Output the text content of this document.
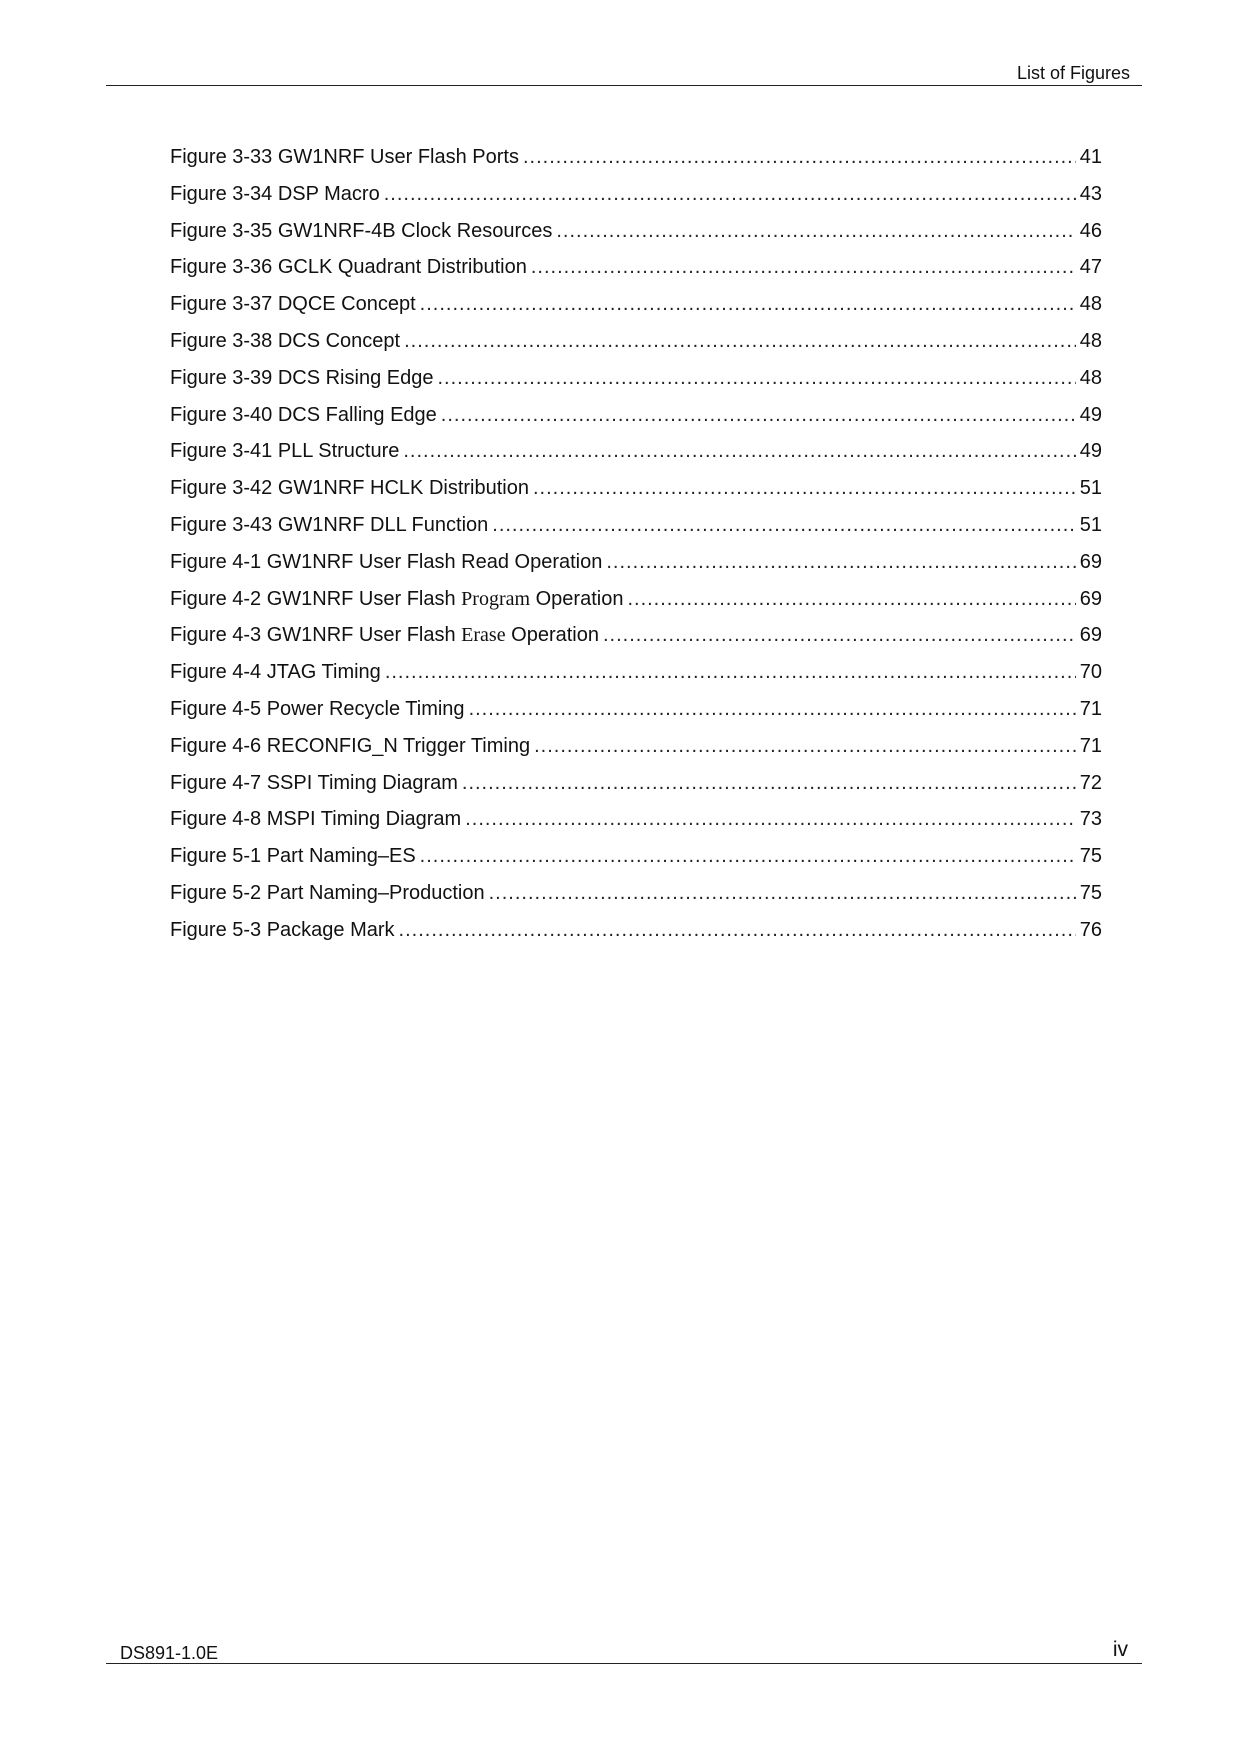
List of Figures
Figure 3-33 GW1NRF User Flash Ports .....	41
Figure 3-34 DSP Macro .....	43
Figure 3-35 GW1NRF-4B Clock Resources .....	46
Figure 3-36 GCLK Quadrant Distribution .....	47
Figure 3-37 DQCE Concept .....	48
Figure 3-38 DCS Concept .....	48
Figure 3-39 DCS Rising Edge .....	48
Figure 3-40 DCS Falling Edge .....	49
Figure 3-41 PLL Structure .....	49
Figure 3-42 GW1NRF HCLK Distribution .....	51
Figure 3-43 GW1NRF DLL Function .....	51
Figure 4-1 GW1NRF User Flash Read Operation .....	69
Figure 4-2 GW1NRF User Flash Program Operation .....	69
Figure 4-3 GW1NRF User Flash Erase Operation .....	69
Figure 4-4 JTAG Timing .....	70
Figure 4-5 Power Recycle Timing .....	71
Figure 4-6 RECONFIG_N Trigger Timing .....	71
Figure 4-7 SSPI Timing Diagram .....	72
Figure 4-8 MSPI Timing Diagram .....	73
Figure 5-1 Part Naming–ES .....	75
Figure 5-2 Part Naming–Production .....	75
Figure 5-3 Package Mark .....	76
DS891-1.0E	iv
